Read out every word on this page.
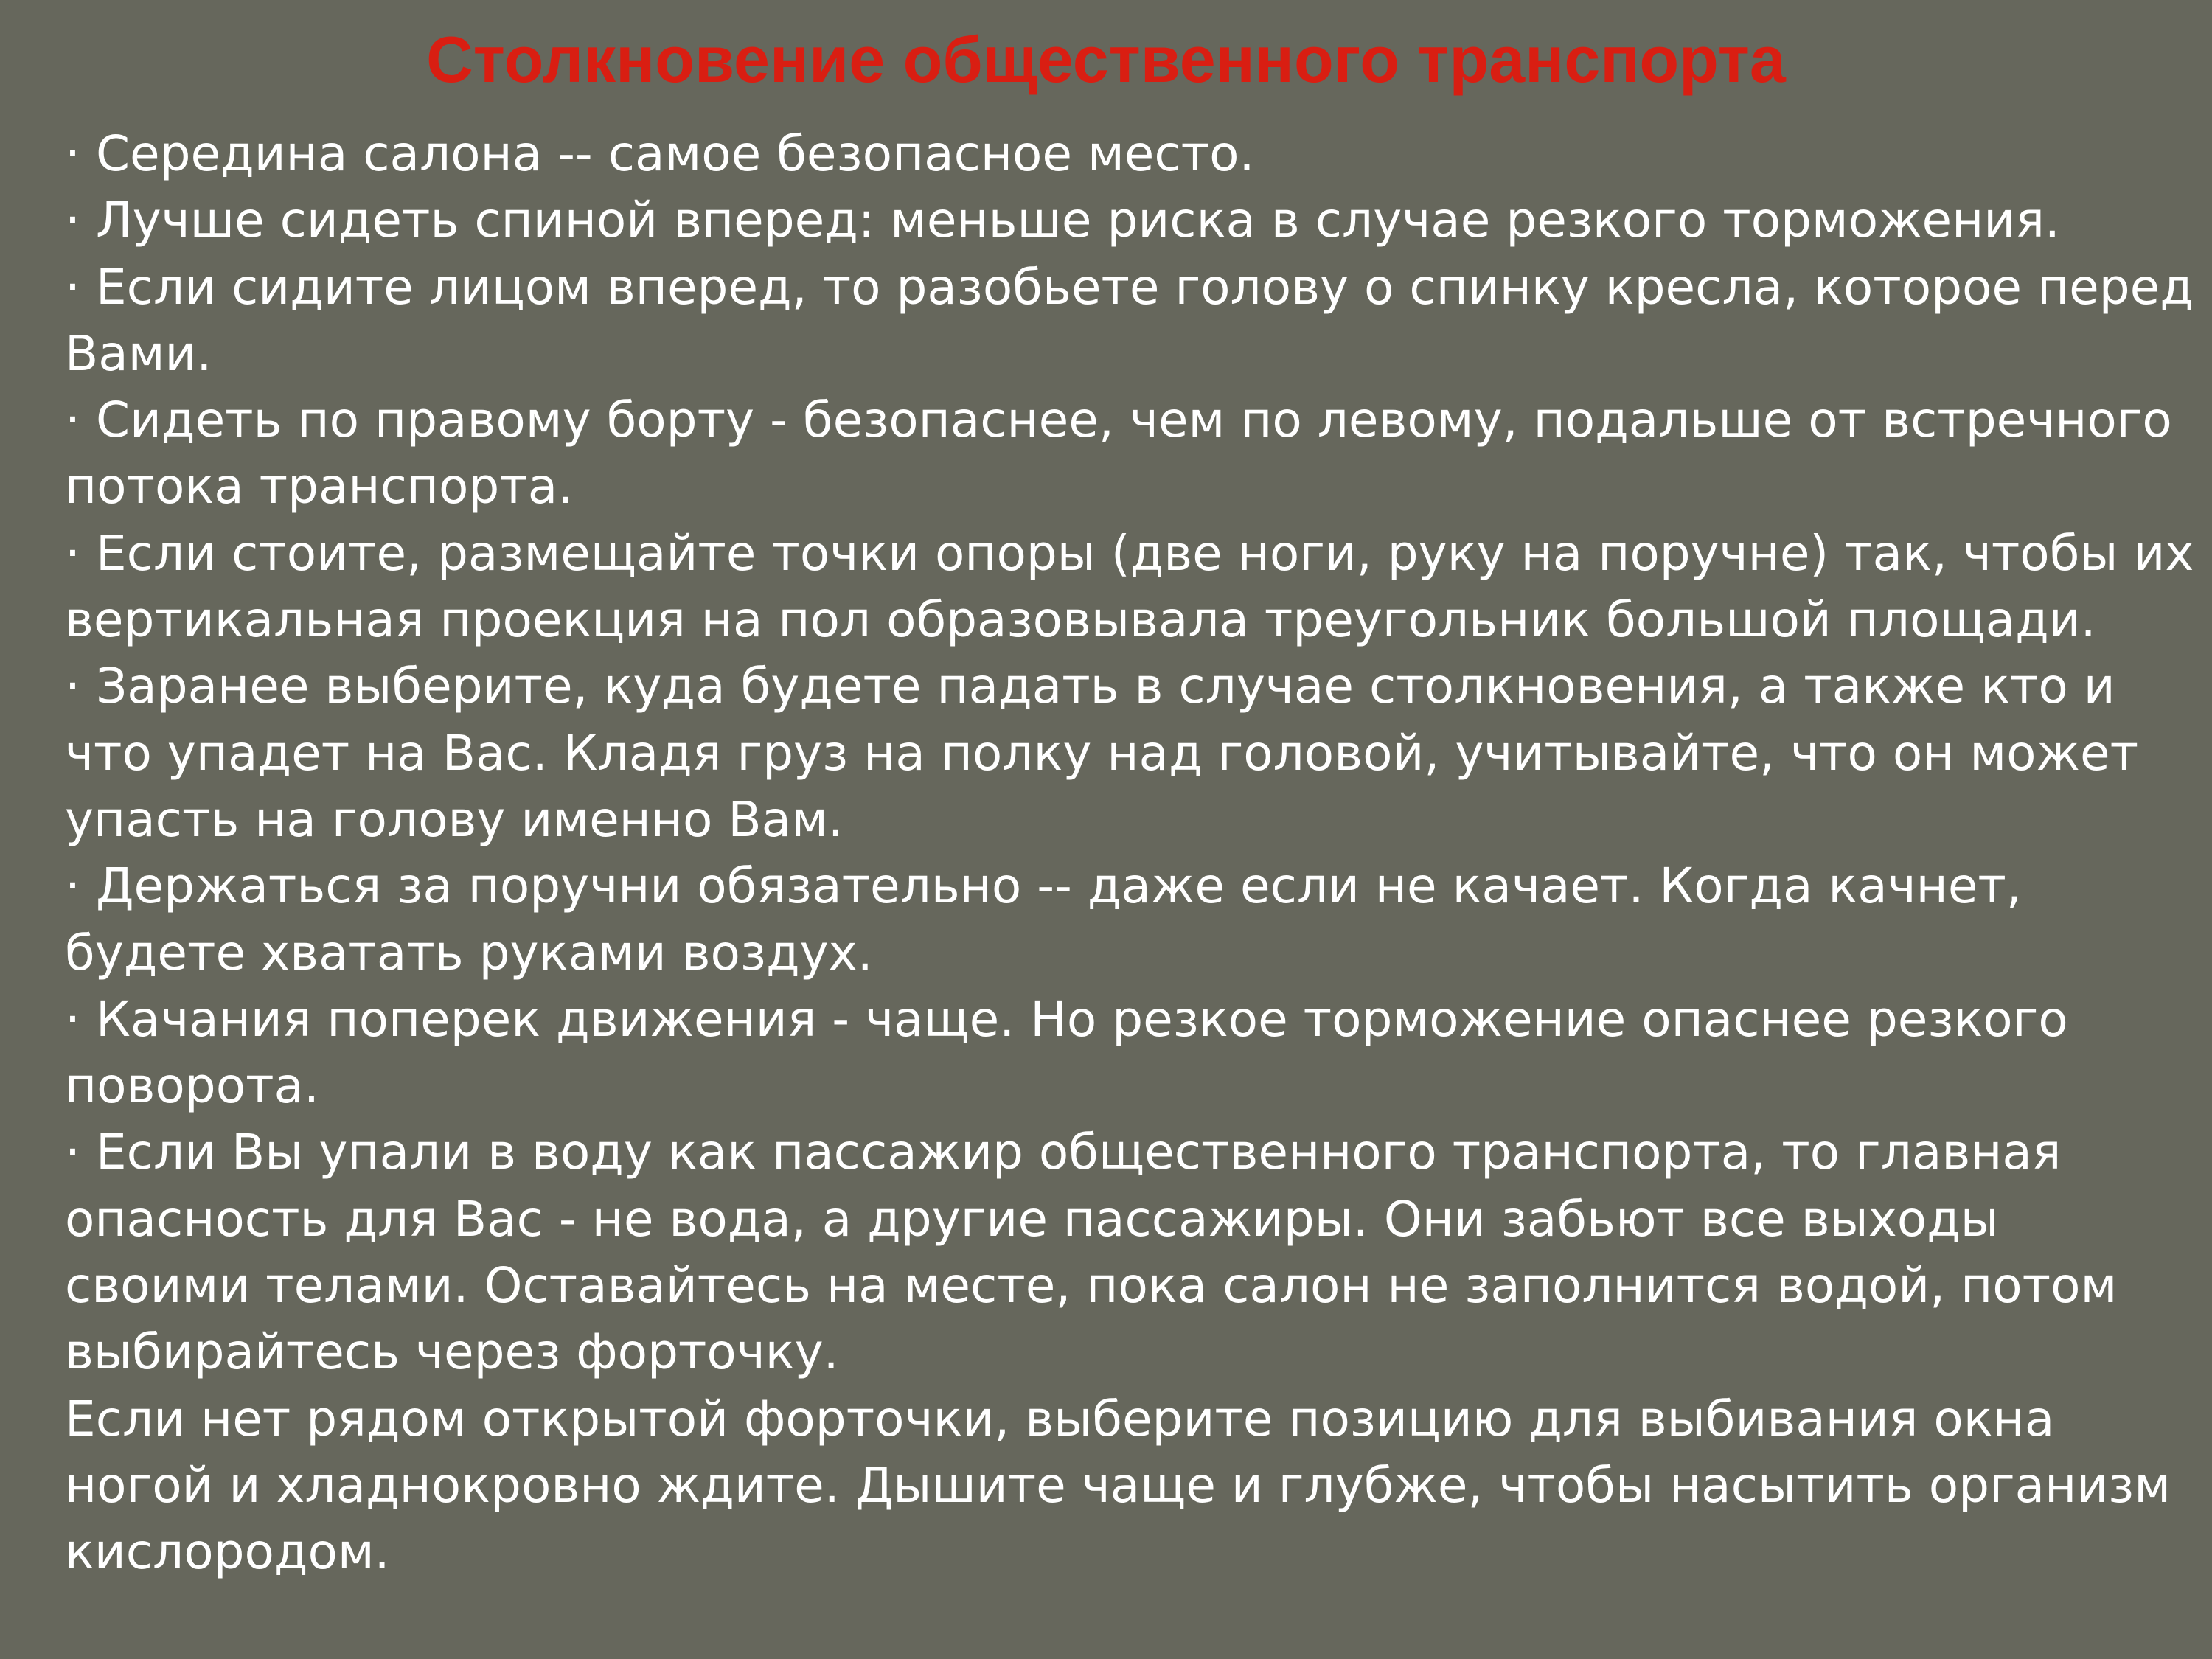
Столкновение общественного транспорта

· Середина салона -- самое безопасное место.

· Лучше сидеть спиной вперед: меньше риска в случае резкого торможения.

· Если сидите лицом вперед, то разобьете голову о спинку кресла, которое перед Вами.

· Сидеть по правому борту - безопаснее, чем по левому, подальше от встречного потока транспорта.

· Если стоите, размещайте точки опоры (две ноги, руку на поручне) так, чтобы их вертикальная проекция на пол образовывала треугольник большой площади.

· Заранее выберите, куда будете падать в случае столкновения, а также кто и что упадет на Вас. Кладя груз на полку над головой, учитывайте, что он может упасть на голову именно Вам.

· Держаться за поручни обязательно -- даже если не качает. Когда качнет, будете хватать руками воздух.

· Качания поперек движения - чаще. Но резкое торможение опаснее резкого поворота.

· Если Вы упали в воду как пассажир общественного транспорта, то главная опасность для Вас - не вода, а другие пассажиры. Они забьют все выходы своими телами. Оставайтесь на месте, пока салон не заполнится водой, потом выбирайтесь через форточку.

Если нет рядом открытой форточки, выберите позицию для выбивания окна ногой и хладнокровно ждите. Дышите чаще и глубже, чтобы насытить организм кислородом.
